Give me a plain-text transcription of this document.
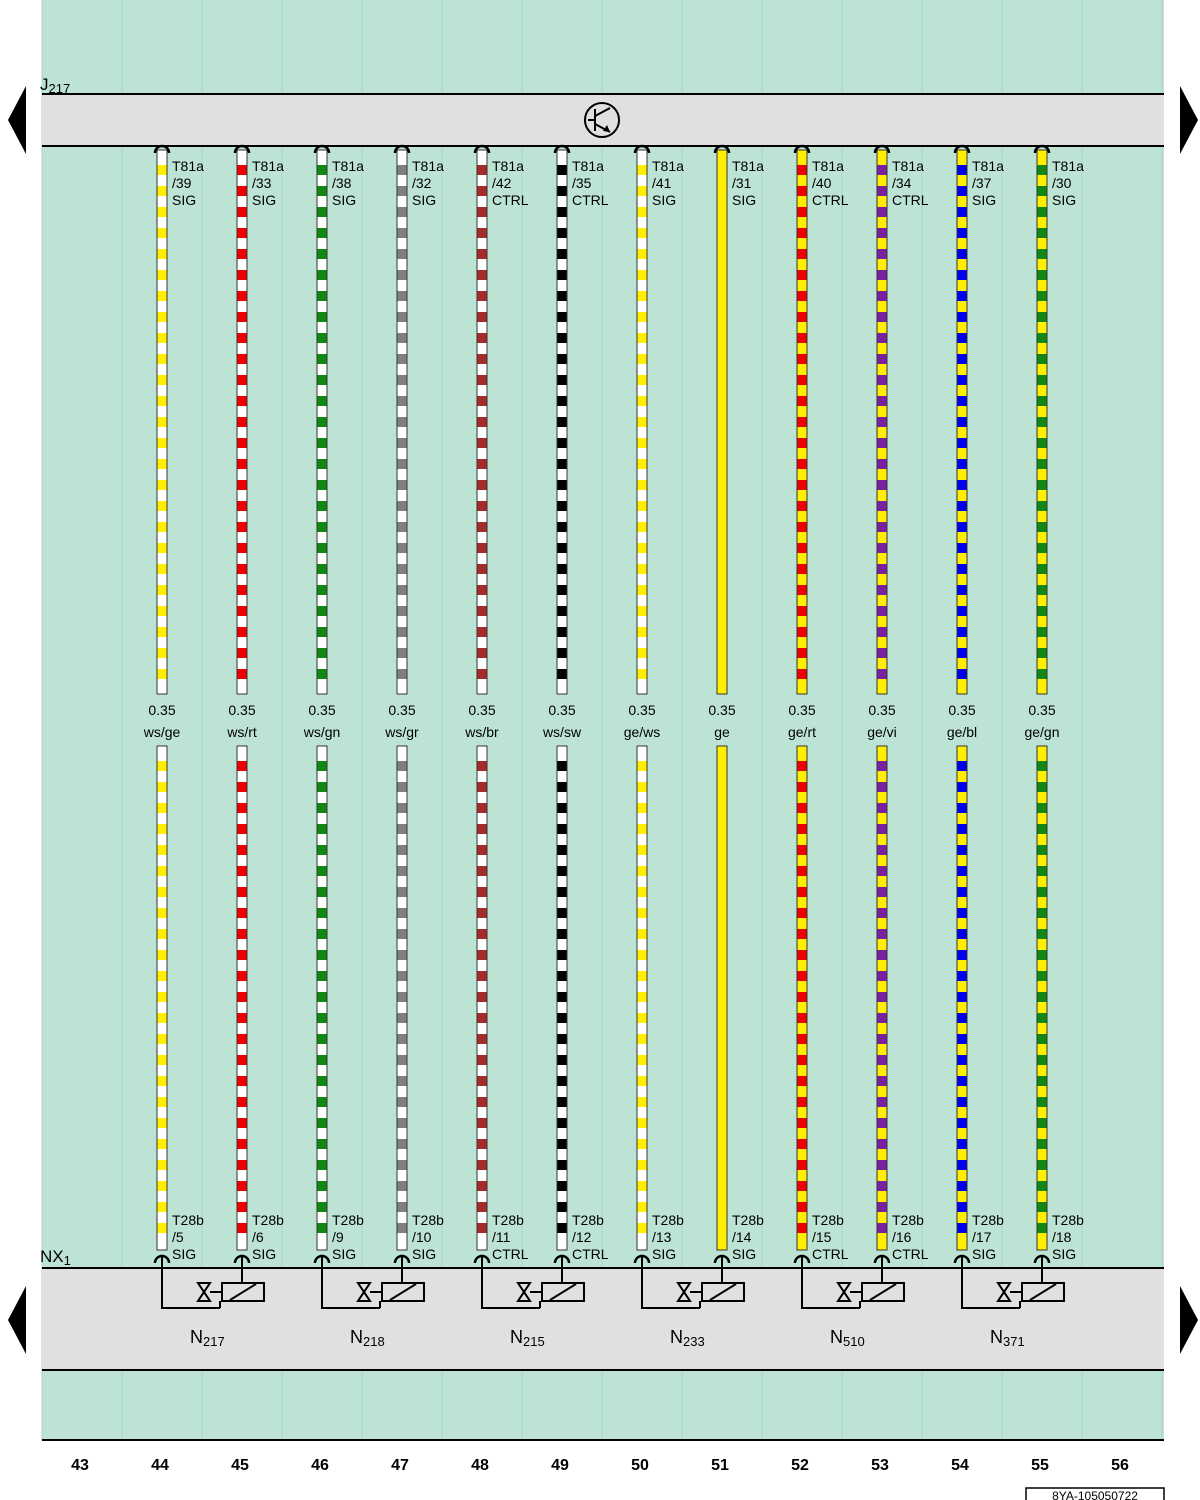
J217
NX1
T81a
/39
SIG
T28b
/5
SIG
0.35
ws/ge
T81a
/33
SIG
T28b
/6
SIG
0.35
ws/rt
T81a
/38
SIG
T28b
/9
SIG
0.35
ws/gn
T81a
/32
SIG
T28b
/10
SIG
0.35
ws/gr
T81a
/42
CTRL
T28b
/11
CTRL
0.35
ws/br
T81a
/35
CTRL
T28b
/12
CTRL
0.35
ws/sw
T81a
/41
SIG
T28b
/13
SIG
0.35
ge/ws
T81a
/31
SIG
T28b
/14
SIG
0.35
ge
T81a
/40
CTRL
T28b
/15
CTRL
0.35
ge/rt
T81a
/34
CTRL
T28b
/16
CTRL
0.35
ge/vi
T81a
/37
SIG
T28b
/17
SIG
0.35
ge/bl
T81a
/30
SIG
T28b
/18
SIG
0.35
ge/gn
N217	N218	N215	N233	N510	N371
43	44	45	46	47	48	49	50	51	52	53	54	55	56
8YA-105050722
